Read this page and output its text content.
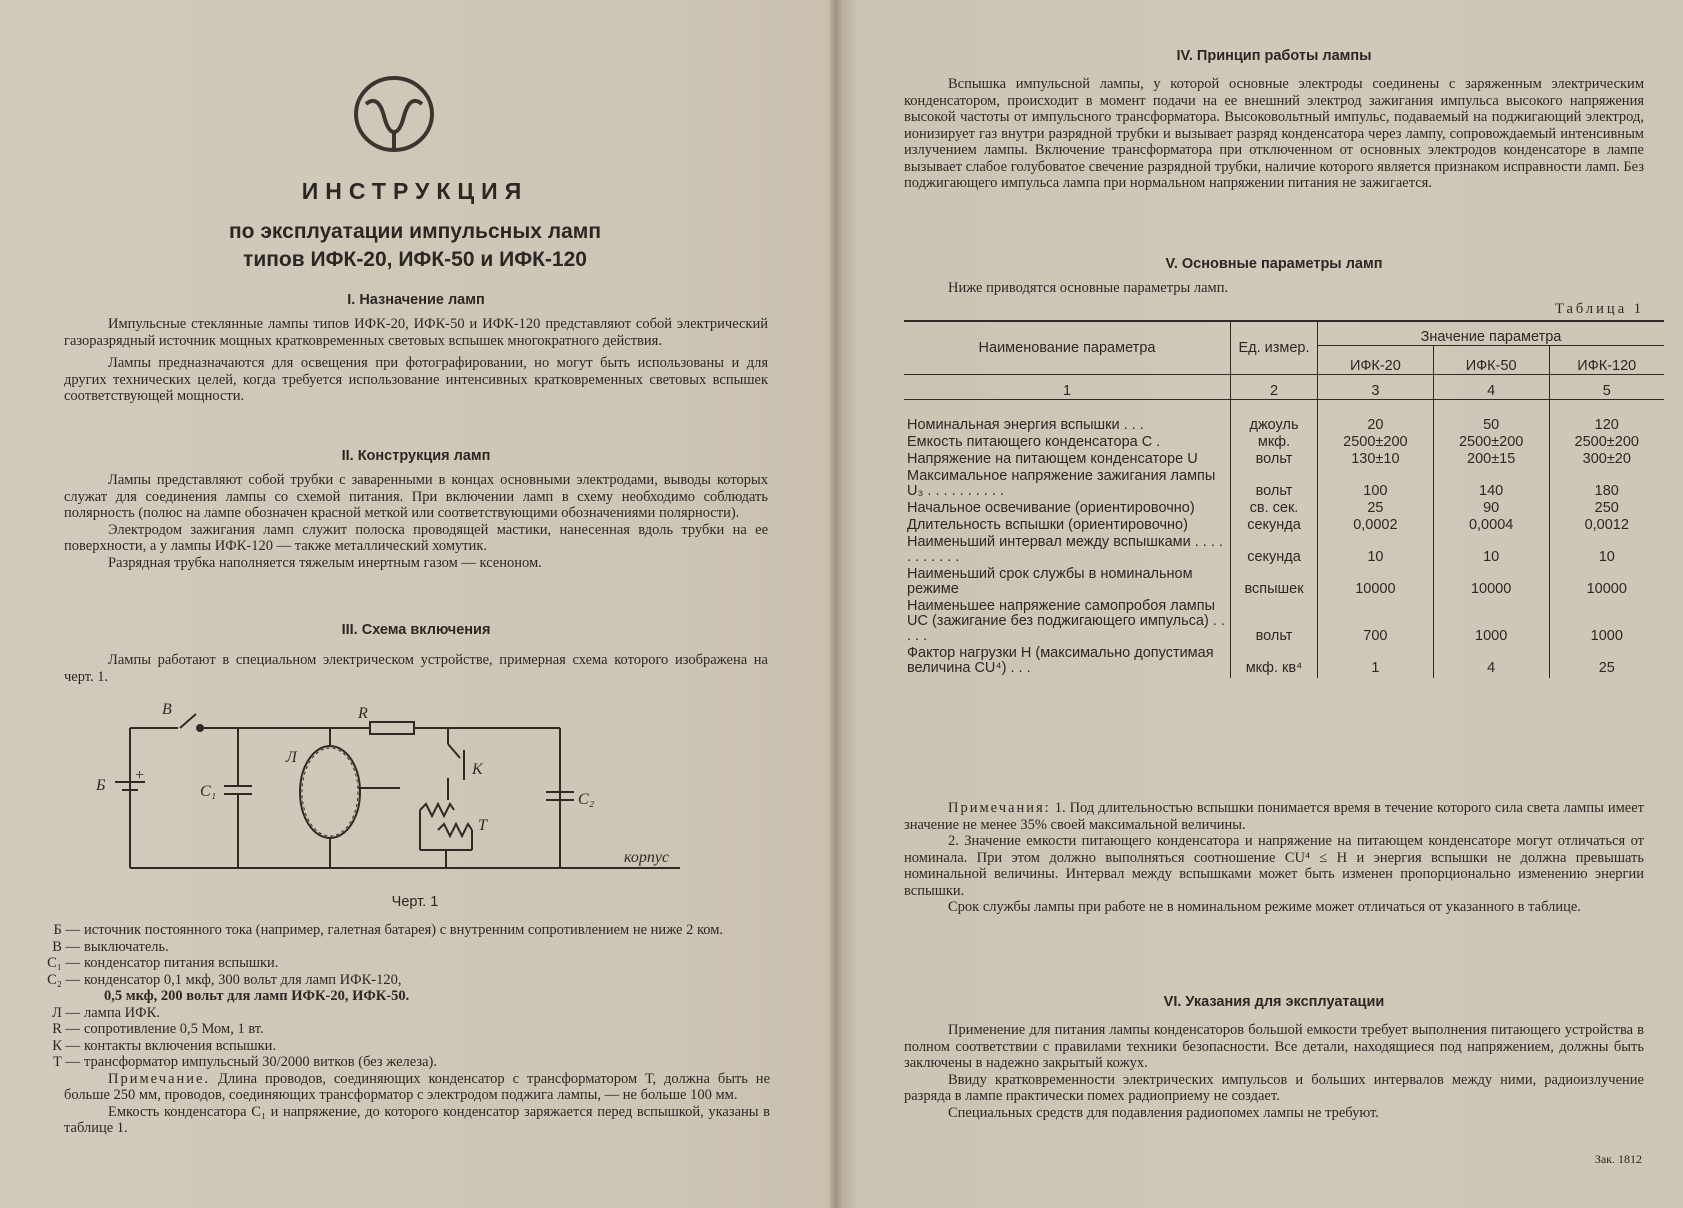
ИНСТРУКЦИЯ
по эксплуатации импульсных ламп
типов ИФК-20, ИФК-50 и ИФК-120
I. Назначение ламп

Импульсные стеклянные лампы типов ИФК-20, ИФК-50 и ИФК-120 представляют собой электрический газоразрядный источник мощных кратковременных световых вспышек многократного действия.

Лампы предназначаются для освещения при фотографировании, но могут быть использованы и для других технических целей, когда требуется использование интенсивных кратковременных световых вспышек соответствующей мощности.

II. Конструкция ламп

Лампы представляют собой трубки с заваренными в концах основными электродами, выводы которых служат для соединения лампы со схемой питания. При включении ламп в схему необходимо соблюдать полярность (полюс на лампе обозначен красной меткой или соответствующими обозначениями полярности).

Электродом зажигания ламп служит полоска проводящей мастики, нанесенная вдоль трубки на ее поверхности, а у лампы ИФК-120 — также металлический хомутик.

Разрядная трубка наполняется тяжелым инертным газом — ксеноном.

III. Схема включения

Лампы работают в специальном электрическом устройстве, примерная схема которого изображена на черт. 1.

В	R
Б
+
C₁
Л
К
Т
C₂
корпус
Черт. 1
Б — источник постоянного тока (например, галетная батарея) с внутренним сопротивлением не ниже 2 ком.
В — выключатель.
C₁ — конденсатор питания вспышки.
C₂ — конденсатор 0,1 мкф, 300 вольт для ламп ИФК-120,
0,5 мкф, 200 вольт для ламп ИФК-20, ИФК-50.
Л — лампа ИФК.
R — сопротивление 0,5 Мом, 1 вт.
К — контакты включения вспышки.
Т — трансформатор импульсный 30/2000 витков (без железа).

Примечание. Длина проводов, соединяющих конденсатор с трансформатором Т, должна быть не больше 250 мм, проводов, соединяющих трансформатор с электродом поджига лампы, — не больше 100 мм.

Емкость конденсатора C₁ и напряжение, до которого конденсатор заряжается перед вспышкой, указаны в таблице 1.

IV. Принцип работы лампы

Вспышка импульсной лампы, у которой основные электроды соединены с заряженным электрическим конденсатором, происходит в момент подачи на ее внешний электрод зажигания импульса высокого напряжения высокой частоты от импульсного трансформатора. Высоковольтный импульс, подаваемый на поджигающий электрод, ионизирует газ внутри разрядной трубки и вызывает разряд конденсатора через лампу, сопровождаемый интенсивным излучением лампы. Включение трансформатора при отключенном от основных электродов конденсаторе в лампе вызывает слабое голубоватое свечение разрядной трубки, наличие которого является признаком исправности ламп. Без поджигающего импульса лампа при нормальном напряжении питания не зажигается.

V. Основные параметры ламп

Ниже приводятся основные параметры ламп.

Таблица 1
Наименование параметра	Ед. измер.	Значение параметра		
		ИФК-20	ИФК-50	ИФК-120
1	2	3	4	5

Номинальная энергия вспышки . . .	джоуль	20	50	120
Емкость питающего конденсатора С .	мкф.	2500±200	2500±200	2500±200
Напряжение на питающем конденсаторе U	вольт	130±10	200±15	300±20
Максимальное напряжение зажигания лампы U₃ . . . . . . . . . .	вольт	100	140	180
Начальное освечивание (ориентировочно)	св. сек.	25	90	250
Длительность вспышки (ориентировочно)	секунда	0,0002	0,0004	0,0012
Наименьший интервал между вспышками . . . . . . . . . . .	секунда	10	10	10
Наименьший срок службы в номинальном режиме	вспышек	10000	10000	10000
Наименьшее напряжение самопробоя лампы UC (зажигание без поджигающего импульса) . . . . .	вольт	700	1000	1000
Фактор нагрузки Н (максимально допустимая величина CU⁴) . . .	мкф. кв⁴	1	4	25

Примечания: 1. Под длительностью вспышки понимается время в течение которого сила света лампы имеет значение не менее 35% своей максимальной величины.

2. Значение емкости питающего конденсатора и напряжение на питающем конденсаторе могут отличаться от номинала. При этом должно выполняться соотношение CU⁴ ≤ H и энергия вспышки не должна превышать номинальной величины. Интервал между вспышками может быть изменен пропорционально изменению энергии вспышки.

Срок службы лампы при работе не в номинальном режиме может отличаться от указанного в таблице.

VI. Указания для эксплуатации

Применение для питания лампы конденсаторов большой емкости требует выполнения питающего устройства в полном соответствии с правилами техники безопасности. Все детали, находящиеся под напряжением, должны быть заключены в надежно закрытый кожух.

Ввиду кратковременности электрических импульсов и больших интервалов между ними, радиоизлучение разряда в лампе практически помех радиоприему не создает.

Специальных средств для подавления радиопомех лампы не требуют.

Зак. 1812
